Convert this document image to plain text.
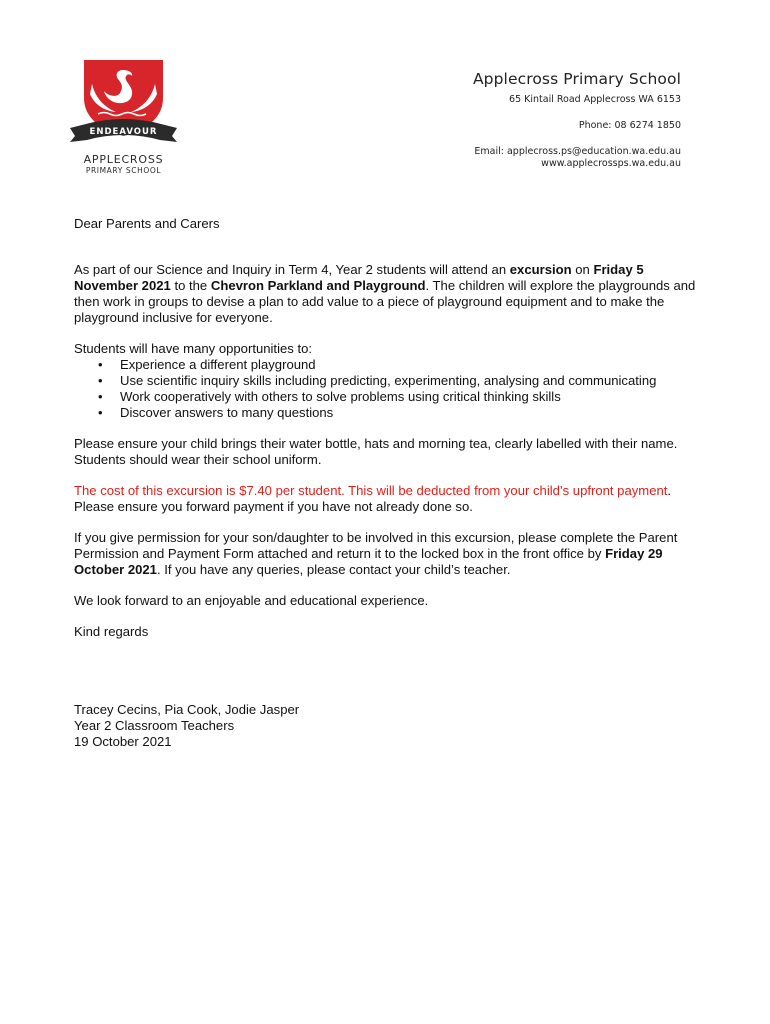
ENDEAVOUR
1905
APPLECROSS
PRIMARY SCHOOL
Applecross Primary School
65 Kintail Road Applecross WA 6153
Phone: 08 6274 1850
Email: applecross.ps@education.wa.edu.au
www.applecrossps.wa.edu.au

Dear Parents and Carers

As part of our Science and Inquiry in Term 4, Year 2 students will attend an excursion on Friday 5 November 2021 to the Chevron Parkland and Playground. The children will explore the playgrounds and then work in groups to devise a plan to add value to a piece of playground equipment and to make the playground inclusive for everyone.

Students will have many opportunities to:

• Experience a different playground
• Use scientific inquiry skills including predicting, experimenting, analysing and communicating
• Work cooperatively with others to solve problems using critical thinking skills
• Discover answers to many questions

Please ensure your child brings their water bottle, hats and morning tea, clearly labelled with their name. Students should wear their school uniform.

The cost of this excursion is $7.40 per student. This will be deducted from your child’s upfront payment. Please ensure you forward payment if you have not already done so.

If you give permission for your son/daughter to be involved in this excursion, please complete the Parent Permission and Payment Form attached and return it to the locked box in the front office by Friday 29 October 2021. If you have any queries, please contact your child’s teacher.

We look forward to an enjoyable and educational experience.

Kind regards

Tracey Cecins, Pia Cook, Jodie Jasper
Year 2 Classroom Teachers
19 October 2021
